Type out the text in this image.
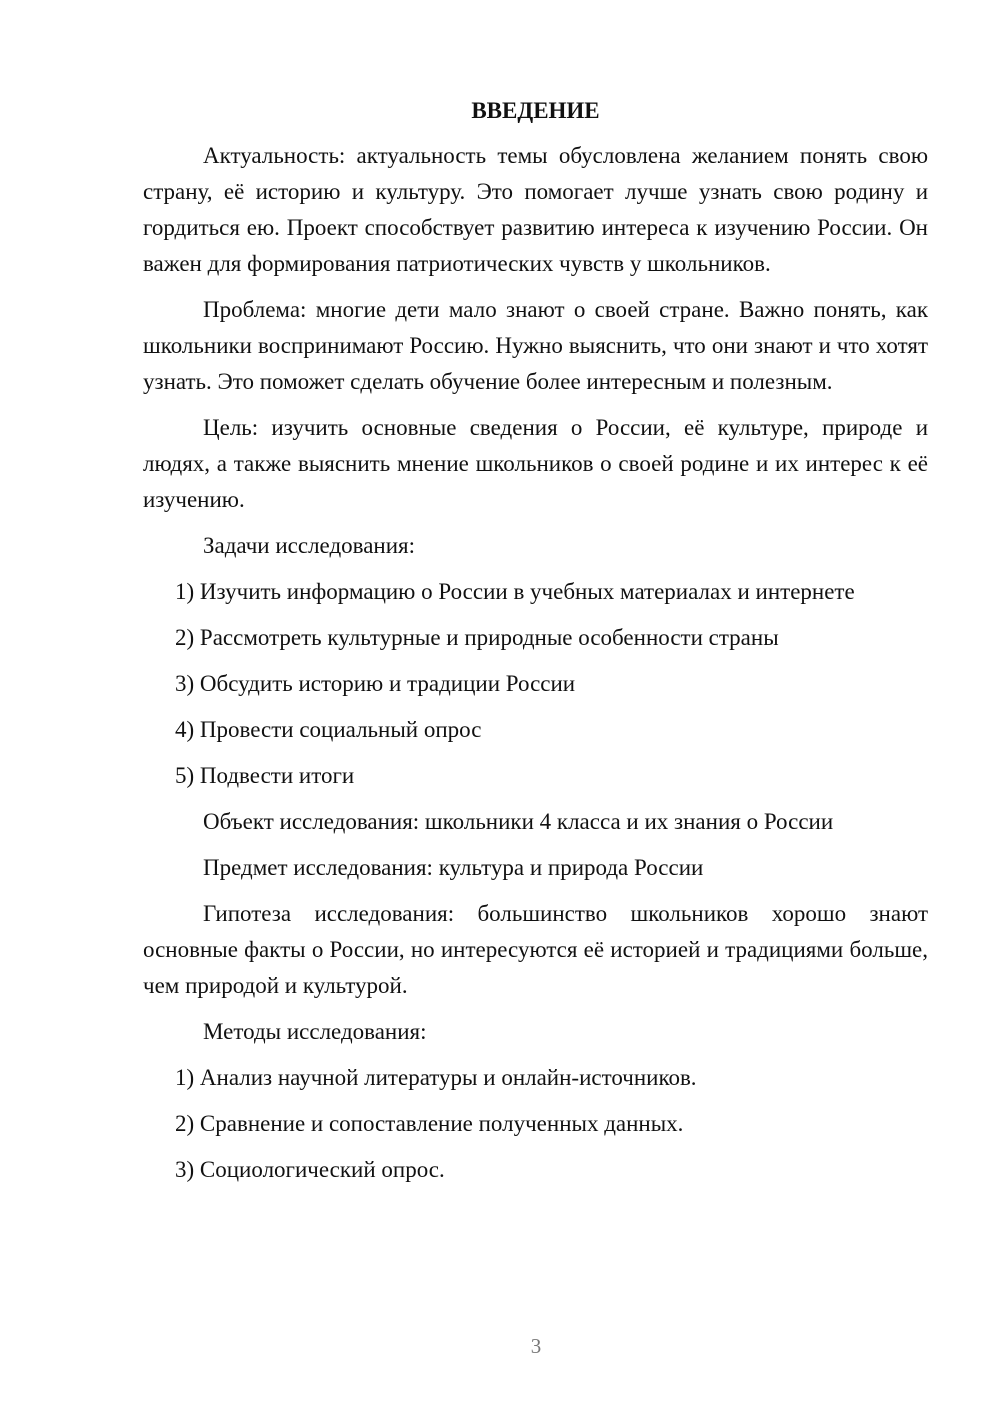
ВВЕДЕНИЕ

Актуальность: актуальность темы обусловлена желанием понять свою страну, её историю и культуру. Это помогает лучше узнать свою родину и гордиться ею. Проект способствует развитию интереса к изучению России. Он важен для формирования патриотических чувств у школьников.

Проблема: многие дети мало знают о своей стране. Важно понять, как школьники воспринимают Россию. Нужно выяснить, что они знают и что хотят узнать. Это поможет сделать обучение более интересным и полезным.

Цель: изучить основные сведения о России, её культуре, природе и людях, а также выяснить мнение школьников о своей родине и их интерес к её изучению.

Задачи исследования:

1) Изучить информацию о России в учебных материалах и интернете

2) Рассмотреть культурные и природные особенности страны

3) Обсудить историю и традиции России

4) Провести социальный опрос

5) Подвести итоги

Объект исследования: школьники 4 класса и их знания о России

Предмет исследования: культура и природа России

Гипотеза исследования: большинство школьников хорошо знают основные факты о России, но интересуются её историей и традициями больше, чем природой и культурой.

Методы исследования:

1) Анализ научной литературы и онлайн-источников.

2) Сравнение и сопоставление полученных данных.

3) Социологический опрос.

3
